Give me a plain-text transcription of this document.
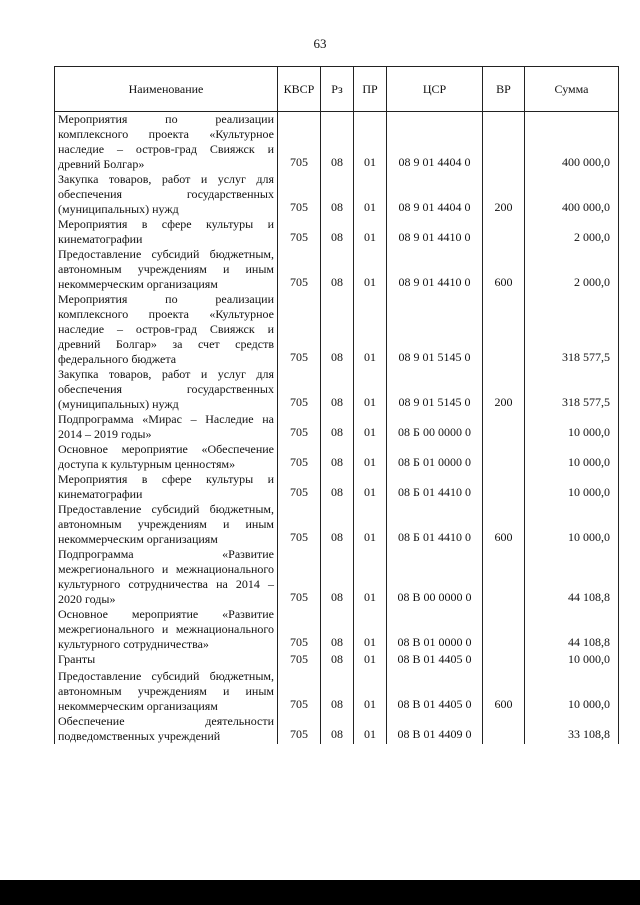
63
Наименование	КВСР	Рз	ПР	ЦСР	ВР	Сумма
Мероприятия по реализации комплексного проекта «Культурное наследие – остров-град Свияжск и древний Болгар»	705	08	01	08 9 01 4404 0		400 000,0
Закупка товаров, работ и услуг для обеспечения государственных (муниципальных) нужд	705	08	01	08 9 01 4404 0	200	400 000,0
Мероприятия в сфере культуры и кинематографии	705	08	01	08 9 01 4410 0		2 000,0
Предоставление субсидий бюджетным, автономным учреждениям и иным некоммерческим организациям	705	08	01	08 9 01 4410 0	600	2 000,0
Мероприятия по реализации комплексного проекта «Культурное наследие – остров-град Свияжск и древний Болгар» за счет средств федерального бюджета	705	08	01	08 9 01 5145 0		318 577,5
Закупка товаров, работ и услуг для обеспечения государственных (муниципальных) нужд	705	08	01	08 9 01 5145 0	200	318 577,5
Подпрограмма «Мирас – Наследие на 2014 – 2019 годы»	705	08	01	08 Б 00 0000 0		10 000,0
Основное мероприятие «Обеспечение доступа к культурным ценностям»	705	08	01	08 Б 01 0000 0		10 000,0
Мероприятия в сфере культуры и кинематографии	705	08	01	08 Б 01 4410 0		10 000,0
Предоставление субсидий бюджетным, автономным учреждениям и иным некоммерческим организациям	705	08	01	08 Б 01 4410 0	600	10 000,0
Подпрограмма «Развитие межрегионального и межнационального культурного сотрудничества на 2014 – 2020 годы»	705	08	01	08 В 00 0000 0		44 108,8
Основное мероприятие «Развитие межрегионального и межнационального культурного сотрудничества»	705	08	01	08 В 01 0000 0		44 108,8
Гранты	705	08	01	08 В 01 4405 0		10 000,0
Предоставление субсидий бюджетным, автономным учреждениям и иным некоммерческим организациям	705	08	01	08 В 01 4405 0	600	10 000,0
Обеспечение деятельности подведомственных учреждений	705	08	01	08 В 01 4409 0		33 108,8
